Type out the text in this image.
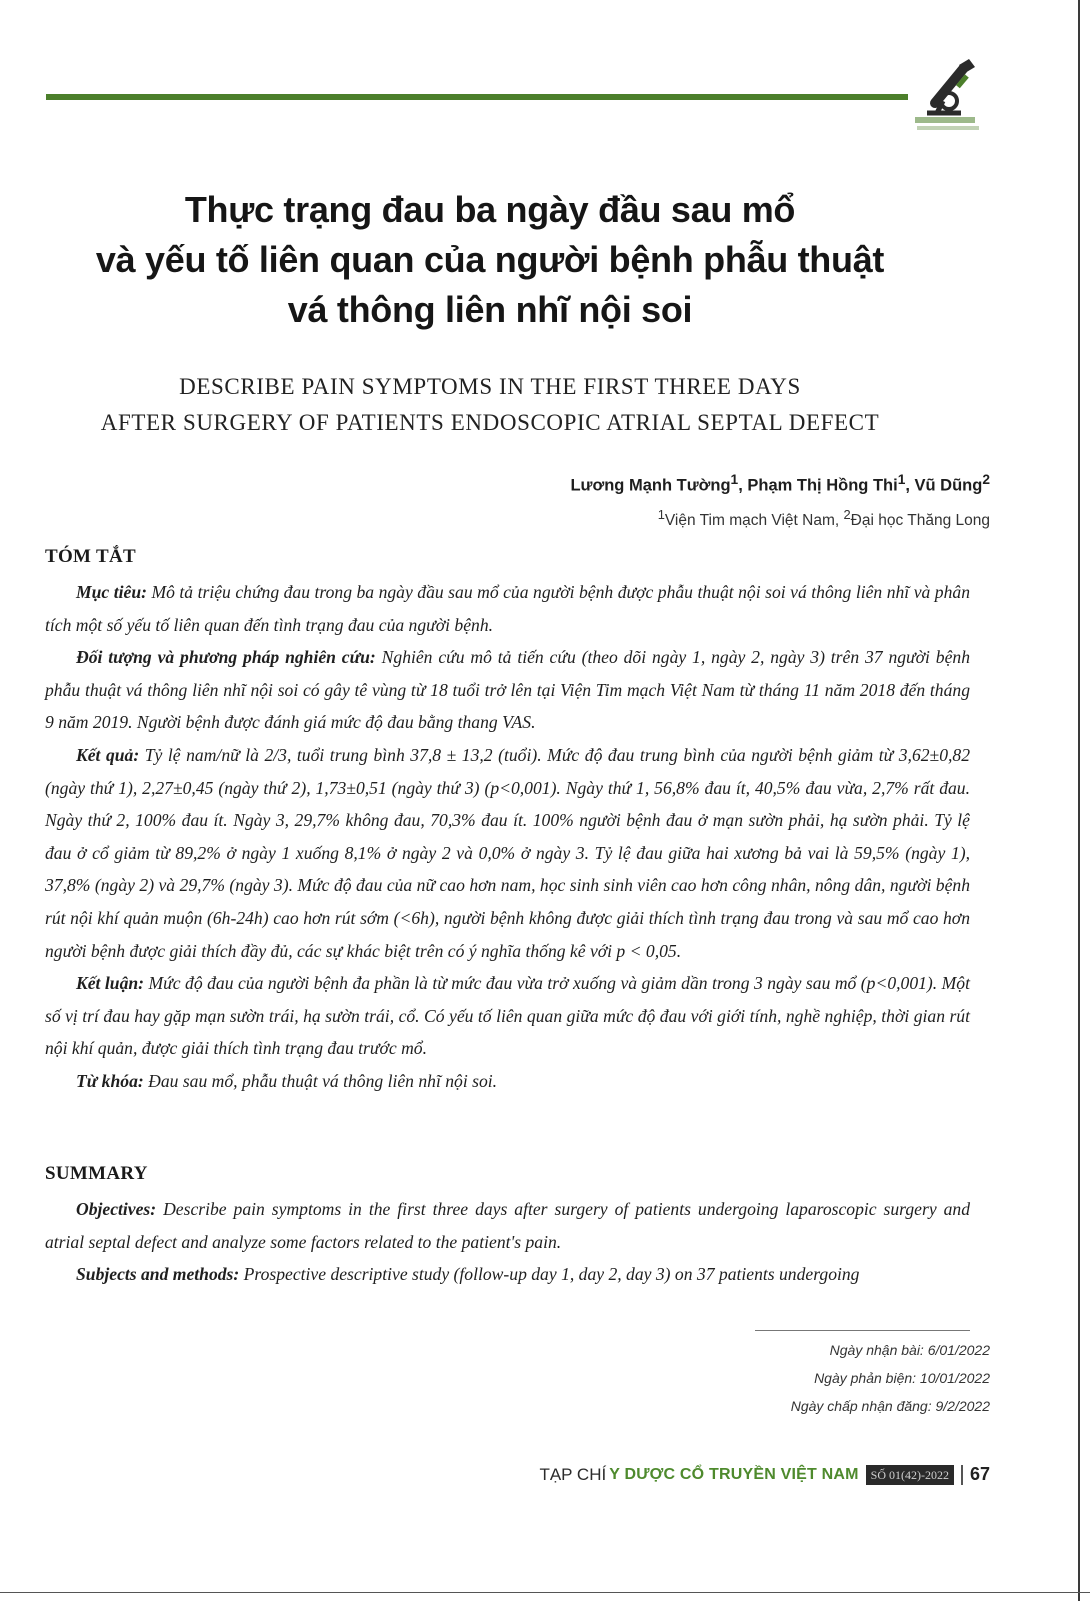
Thực trạng đau ba ngày đầu sau mổ
và yếu tố liên quan của người bệnh phẫu thuật
vá thông liên nhĩ nội soi
DESCRIBE PAIN SYMPTOMS IN THE FIRST THREE DAYS
AFTER SURGERY OF PATIENTS ENDOSCOPIC ATRIAL SEPTAL DEFECT
Lương Mạnh Tường$^1$, Phạm Thị Hồng Thi$^1$, Vũ Dũng$^2$
$^1$Viện Tim mạch Việt Nam, $^2$Đại học Thăng Long
TÓM TẮT

Mục tiêu: Mô tả triệu chứng đau trong ba ngày đầu sau mổ của người bệnh được phẫu thuật nội soi vá thông liên nhĩ và phân tích một số yếu tố liên quan đến tình trạng đau của người bệnh.

Đối tượng và phương pháp nghiên cứu: Nghiên cứu mô tả tiến cứu (theo dõi ngày 1, ngày 2, ngày 3) trên 37 người bệnh phẫu thuật vá thông liên nhĩ nội soi có gây tê vùng từ 18 tuổi trở lên tại Viện Tim mạch Việt Nam từ tháng 11 năm 2018 đến tháng 9 năm 2019. Người bệnh được đánh giá mức độ đau bằng thang VAS.

Kết quả: Tỷ lệ nam/nữ là 2/3, tuổi trung bình 37,8 ± 13,2 (tuổi). Mức độ đau trung bình của người bệnh giảm từ 3,62±0,82 (ngày thứ 1), 2,27±0,45 (ngày thứ 2), 1,73±0,51 (ngày thứ 3) (p<0,001). Ngày thứ 1, 56,8% đau ít, 40,5% đau vừa, 2,7% rất đau. Ngày thứ 2, 100% đau ít. Ngày 3, 29,7% không đau, 70,3% đau ít. 100% người bệnh đau ở mạn sườn phải, hạ sườn phải. Tỷ lệ đau ở cổ giảm từ 89,2% ở ngày 1 xuống 8,1% ở ngày 2 và 0,0% ở ngày 3. Tỷ lệ đau giữa hai xương bả vai là 59,5% (ngày 1), 37,8% (ngày 2) và 29,7% (ngày 3). Mức độ đau của nữ cao hơn nam, học sinh sinh viên cao hơn công nhân, nông dân, người bệnh rút nội khí quản muộn (6h-24h) cao hơn rút sớm (<6h), người bệnh không được giải thích tình trạng đau trong và sau mổ cao hơn người bệnh được giải thích đầy đủ, các sự khác biệt trên có ý nghĩa thống kê với p < 0,05.

Kết luận: Mức độ đau của người bệnh đa phần là từ mức đau vừa trở xuống và giảm dần trong 3 ngày sau mổ (p<0,001). Một số vị trí đau hay gặp mạn sườn trái, hạ sườn trái, cổ. Có yếu tố liên quan giữa mức độ đau với giới tính, nghề nghiệp, thời gian rút nội khí quản, được giải thích tình trạng đau trước mổ.

Từ khóa: Đau sau mổ, phẫu thuật vá thông liên nhĩ nội soi.

SUMMARY

Objectives: Describe pain symptoms in the first three days after surgery of patients undergoing laparoscopic surgery and atrial septal defect and analyze some factors related to the patient's pain.

Subjects and methods: Prospective descriptive study (follow-up day 1, day 2, day 3) on 37 patients undergoing

Ngày nhận bài: 6/01/2022
Ngày phản biện: 10/01/2022
Ngày chấp nhận đăng: 9/2/2022
TẠP CHÍ Y DƯỢC CỔ TRUYỀN VIỆT NAM	SỐ 01(42)-2022 67
